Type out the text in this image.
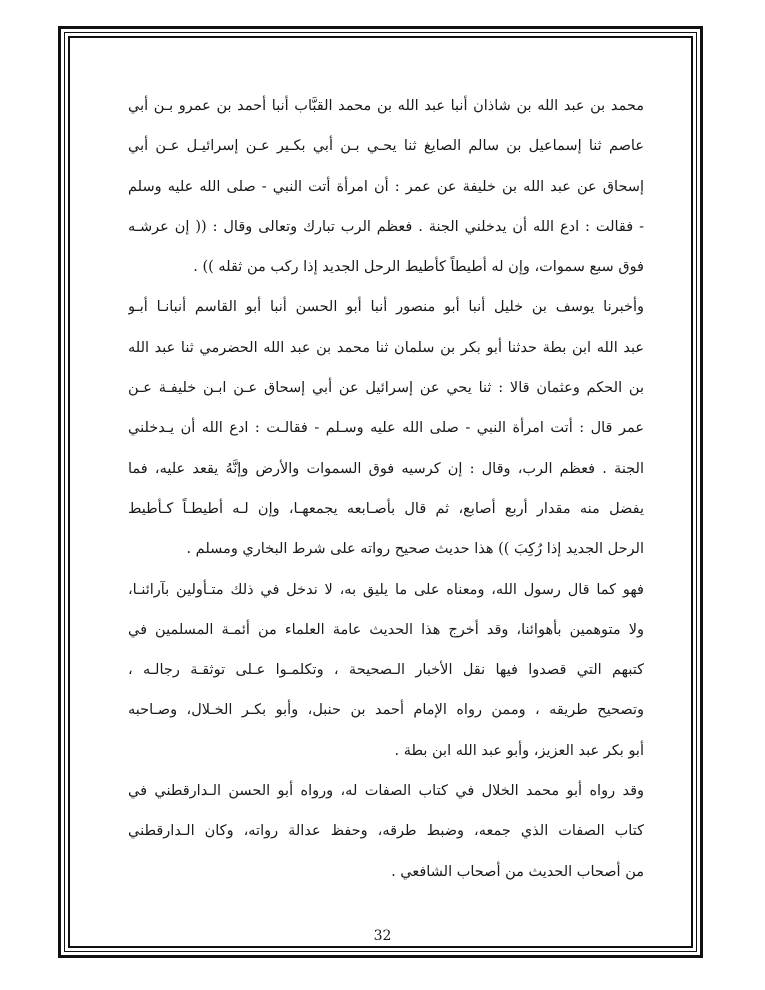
محمد بن عبد الله بن شاذان أنبا عبد الله بن محمد القبَّاب أنبا أحمد بن عمرو بـن أبي
عاصم ثنا إسماعيل بن سالم الصايغ ثنا يحـي بـن أبي بكـير عـن إسرائيـل عـن أبي
إسحاق عن عبد الله بن خليفة عن عمر : أن امرأة أتت النبي ‐ صلى الله عليه وسلم
‐ فقالت : ادع الله أن يدخلني الجنة . فعظم الرب تبارك وتعالى وقال : (( إن عرشـه
فوق سبع سموات، وإن له أطيطاً كأطيط الرحل الجديد إذا ركب من ثقله )) .
وأخبرنا يوسف بن خليل أنبا أبو منصور أنبا أبو الحسن أنبا أبو القاسم أنبانـا أبـو
عبد الله ابن بطة حدثنا أبو بكر بن سلمان ثنا محمد بن عبد الله الحضرمي ثنا عبد الله
بن الحكم وعثمان قالا : ثنا يحي عن إسرائيل عن أبي إسحاق عـن ابـن خليفـة عـن
عمر قال : أتت امرأة النبي ‐ صلى الله عليه وسـلم ‐ فقالـت : ادع الله أن يـدخلني
الجنة . فعظم الرب، وقال : إن كرسيه فوق السموات والأرض وإنَّهُ يقعد عليه، فما
يفضل منه مقدار أربع أصابع، ثم قال بأصـابعه يجمعهـا، وإن لـه أطيطـاً كـأطيط
الرحل الجديد إذا رُكِبَ )) هذا حديث صحيح رواته على شرط البخاري ومسلم .
فهو كما قال رسول الله، ومعناه على ما يليق به، لا ندخل في ذلك متـأولين بآرائنـا،
ولا متوهمين بأهوائنا، وقد أخرج هذا الحديث عامة العلماء من أئمـة المسلمين في
كتبهم التي قصدوا فيها نقل الأخبار الـصحيحة ، وتكلمـوا عـلى توثقـة رجالـه ،
وتصحيح طريقه ، وممن رواه الإمام أحمد بن حنبل، وأبو بكـر الخـلال، وصـاحبه
أبو بكر عبد العزيز، وأبو عبد الله ابن بطة .
وقد رواه أبو محمد الخلال في كتاب الصفات له، ورواه أبو الحسن الـدارقطني في
كتاب الصفات الذي جمعه، وضبط طرقه، وحفظ عدالة رواته، وكان الـدارقطني
من أصحاب الحديث من أصحاب الشافعي .
32
